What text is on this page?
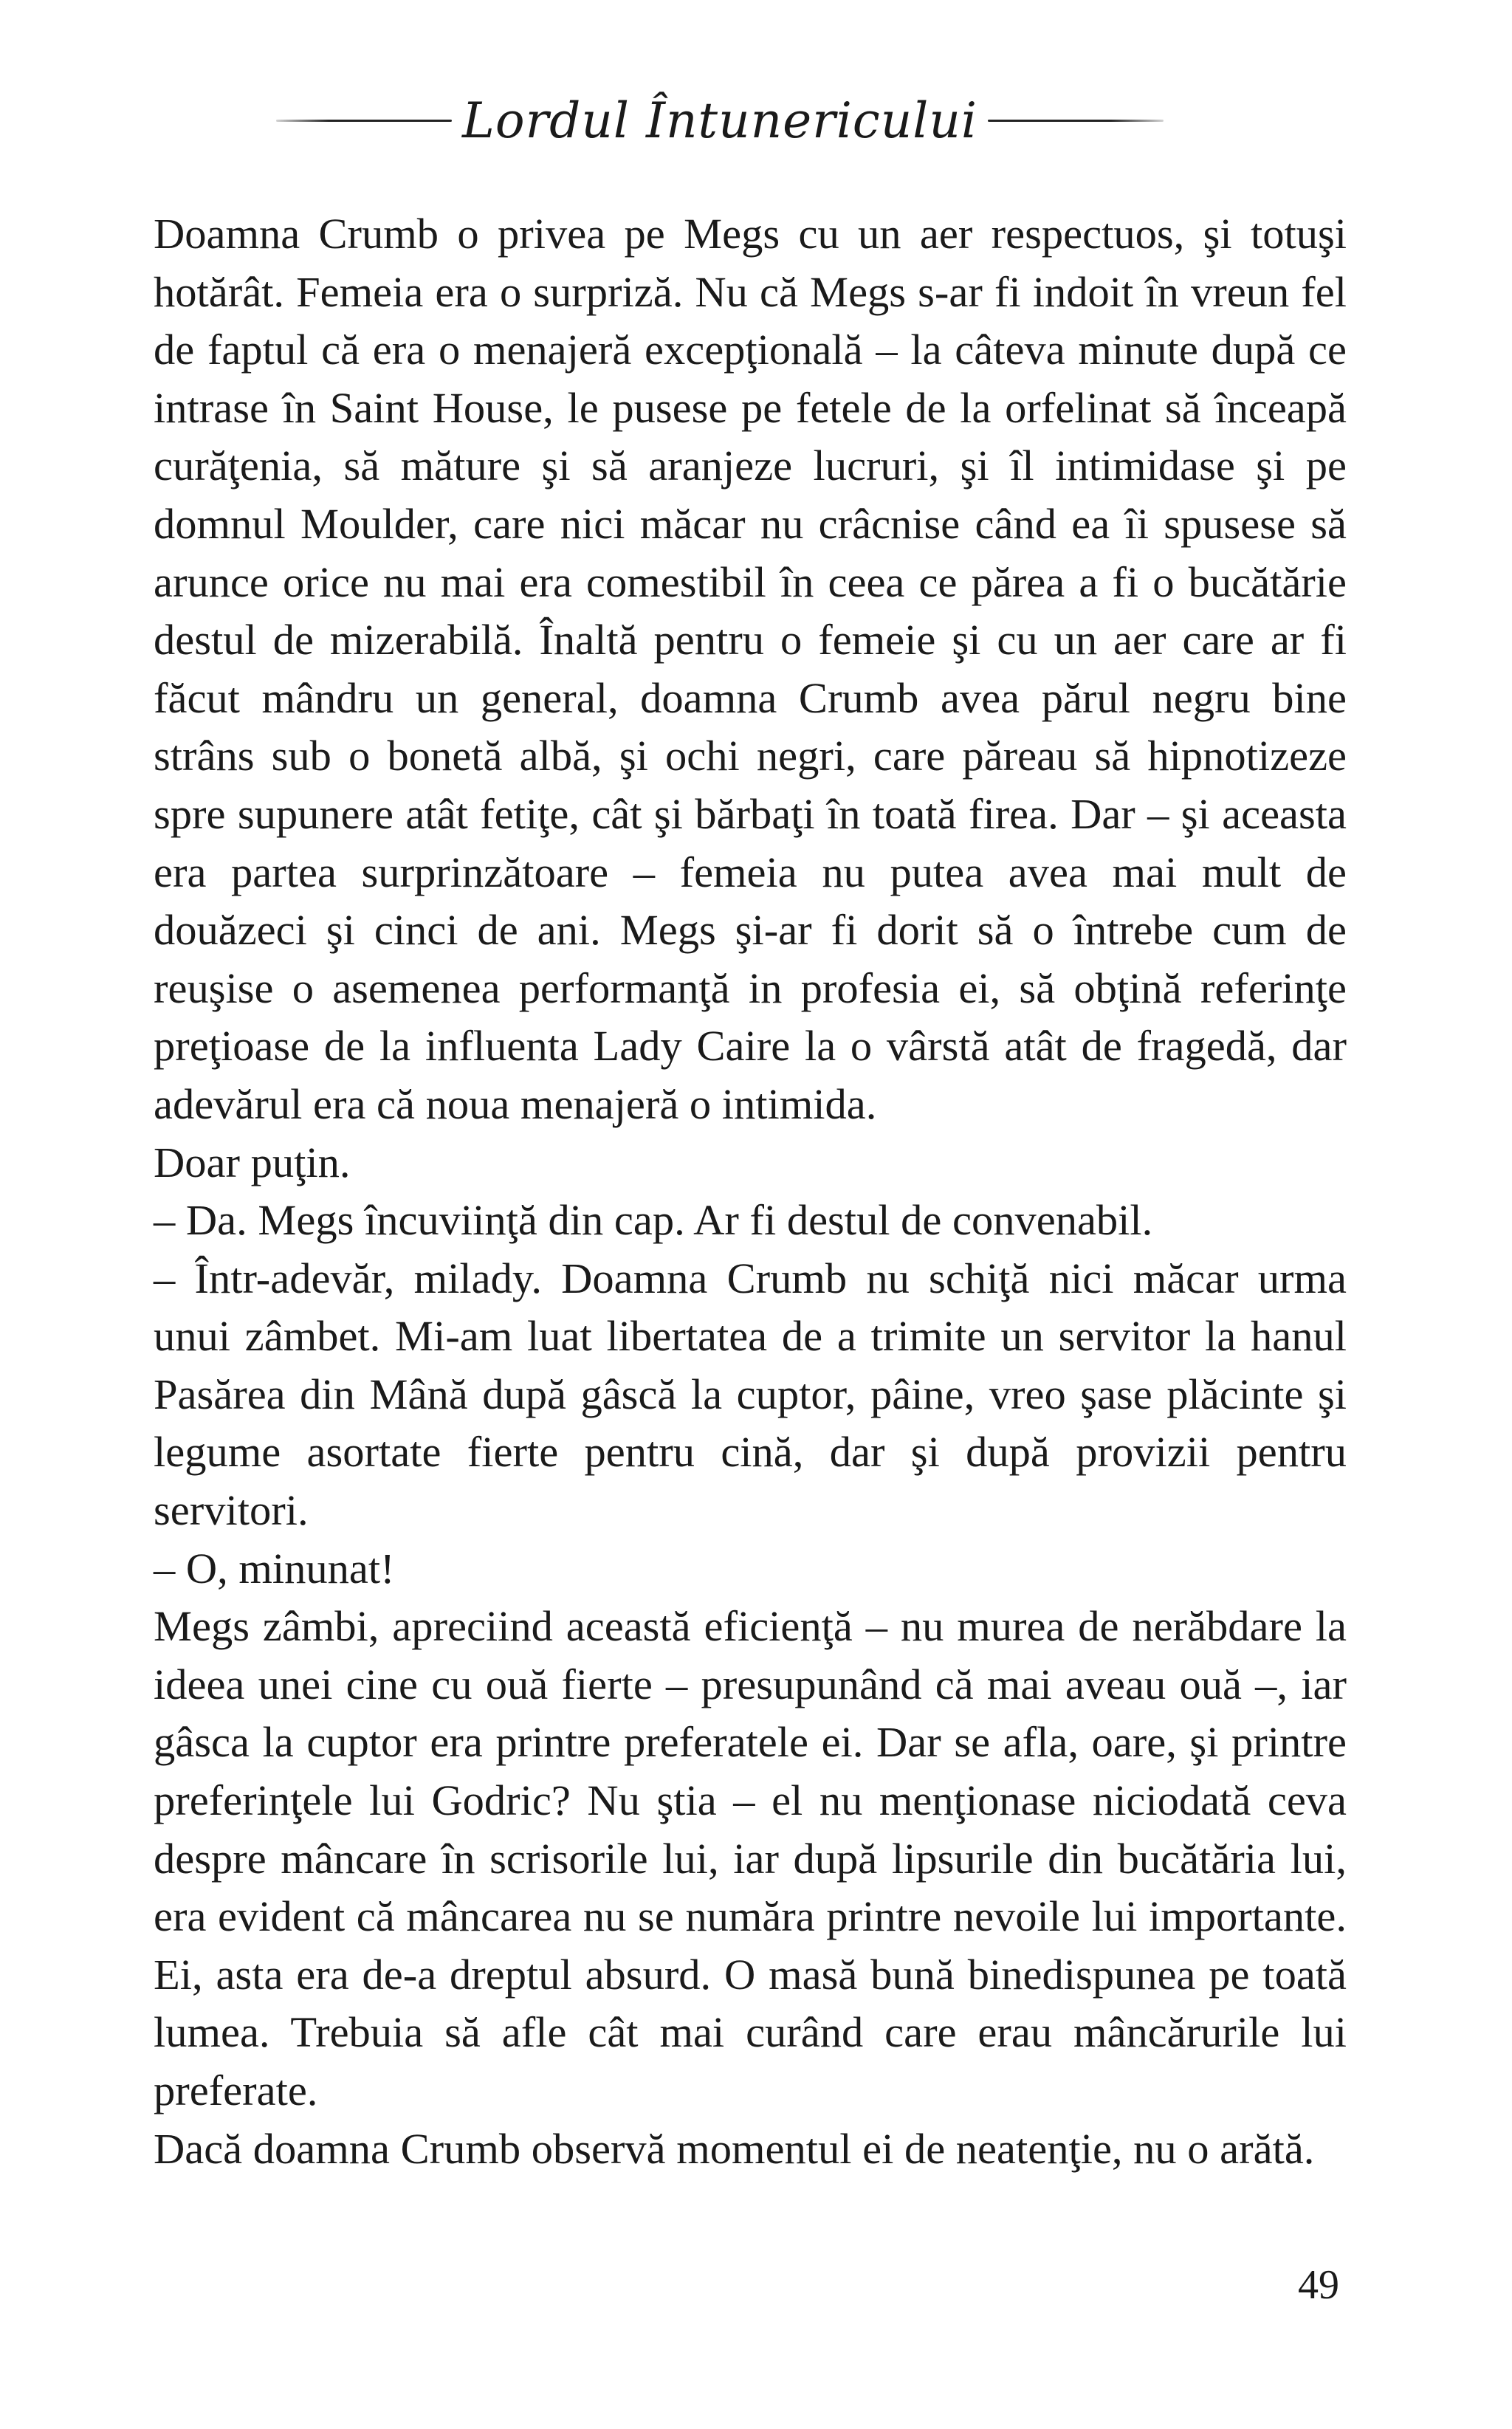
Lordul Întunericului

Doamna Crumb o privea pe Megs cu un aer respectuos, şi totuşi hotărât. Femeia era o surpriză. Nu că Megs s-ar fi indoit în vreun fel de faptul că era o menajeră excepţională – la câteva minute după ce intrase în Saint House, le pusese pe fetele de la orfelinat să înceapă curăţenia, să măture şi să aranjeze lucruri, şi îl intimidase şi pe domnul Moulder, care nici măcar nu crâcnise când ea îi spusese să arunce orice nu mai era comestibil în ceea ce părea a fi o bucătărie destul de mizerabilă. Înaltă pentru o femeie şi cu un aer care ar fi făcut mândru un general, doamna Crumb avea părul negru bine strâns sub o bonetă albă, şi ochi negri, care păreau să hipnotizeze spre supunere atât fetiţe, cât şi bărbaţi în toată firea. Dar – şi aceasta era partea surprinzătoare – femeia nu putea avea mai mult de douăzeci şi cinci de ani. Megs şi-ar fi dorit să o întrebe cum de reuşise o asemenea performanţă in profesia ei, să obţină referinţe preţioase de la influenta Lady Caire la o vârstă atât de fragedă, dar adevărul era că noua menajeră o intimida.

Doar puţin.

– Da. Megs încuviinţă din cap. Ar fi destul de convenabil.

– Într-adevăr, milady. Doamna Crumb nu schiţă nici măcar urma unui zâmbet. Mi-am luat libertatea de a trimite un servitor la hanul Pasărea din Mână după gâscă la cuptor, pâine, vreo şase plăcinte şi legume asortate fierte pentru cină, dar şi după provizii pentru servitori.

– O, minunat!

Megs zâmbi, apreciind această eficienţă – nu murea de nerăbdare la ideea unei cine cu ouă fierte – presupunând că mai aveau ouă –, iar gâsca la cuptor era printre preferatele ei. Dar se afla, oare, şi printre preferinţele lui Godric? Nu ştia – el nu menţionase niciodată ceva despre mâncare în scrisorile lui, iar după lipsurile din bucătăria lui, era evident că mâncarea nu se număra printre nevoile lui importante. Ei, asta era de-a dreptul absurd. O masă bună binedispunea pe toată lumea. Trebuia să afle cât mai curând care erau mâncărurile lui preferate.

Dacă doamna Crumb observă momentul ei de neatenţie, nu o arătă.

49
